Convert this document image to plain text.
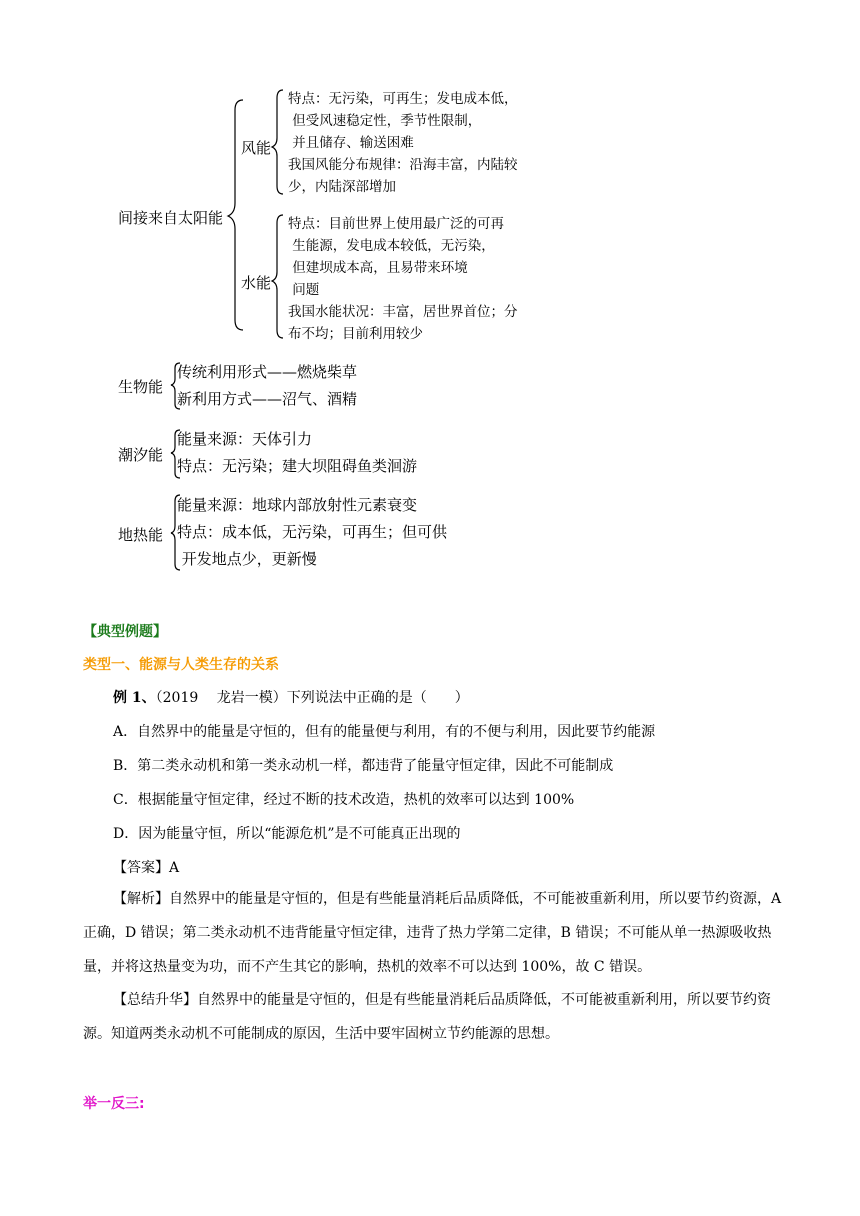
间接来自太阳能
风能
水能
特点：无污染，可再生；发电成本低，
但受风速稳定性，季节性限制，
并且储存、输送困难
我国风能分布规律：沿海丰富，内陆较
少，内陆深部增加
特点：目前世界上使用最广泛的可再
生能源，发电成本较低，无污染，
但建坝成本高，且易带来环境
问题
我国水能状况：丰富，居世界首位；分
布不均；目前利用较少
生物能
传统利用形式——燃烧柴草
新利用方式——沼气、酒精
潮汐能
能量来源：天体引力
特点：无污染；建大坝阻碍鱼类洄游
地热能
能量来源：地球内部放射性元素衰变
特点：成本低，无污染，可再生；但可供
开发地点少，更新慢
【典型例题】
类型一、能源与人类生存的关系
例 1、（2019　 龙岩一模）下列说法中正确的是（　　）
A．自然界中的能量是守恒的，但有的能量便与利用，有的不便与利用，因此要节约能源
B．第二类永动机和第一类永动机一样，都违背了能量守恒定律，因此不可能制成
C．根据能量守恒定律，经过不断的技术改造，热机的效率可以达到 100%
D．因为能量守恒，所以“能源危机”是不可能真正出现的
【答案】A
【解析】自然界中的能量是守恒的，但是有些能量消耗后品质降低，不可能被重新利用，所以要节约资源，A 正确，D 错误；第二类永动机不违背能量守恒定律，违背了热力学第二定律，B 错误；不可能从单一热源吸收热量，并将这热量变为功，而不产生其它的影响，热机的效率不可以达到 100%，故 C 错误。
【总结升华】自然界中的能量是守恒的，但是有些能量消耗后品质降低，不可能被重新利用，所以要节约资源。知道两类永动机不可能制成的原因，生活中要牢固树立节约能源的思想。
举一反三:
